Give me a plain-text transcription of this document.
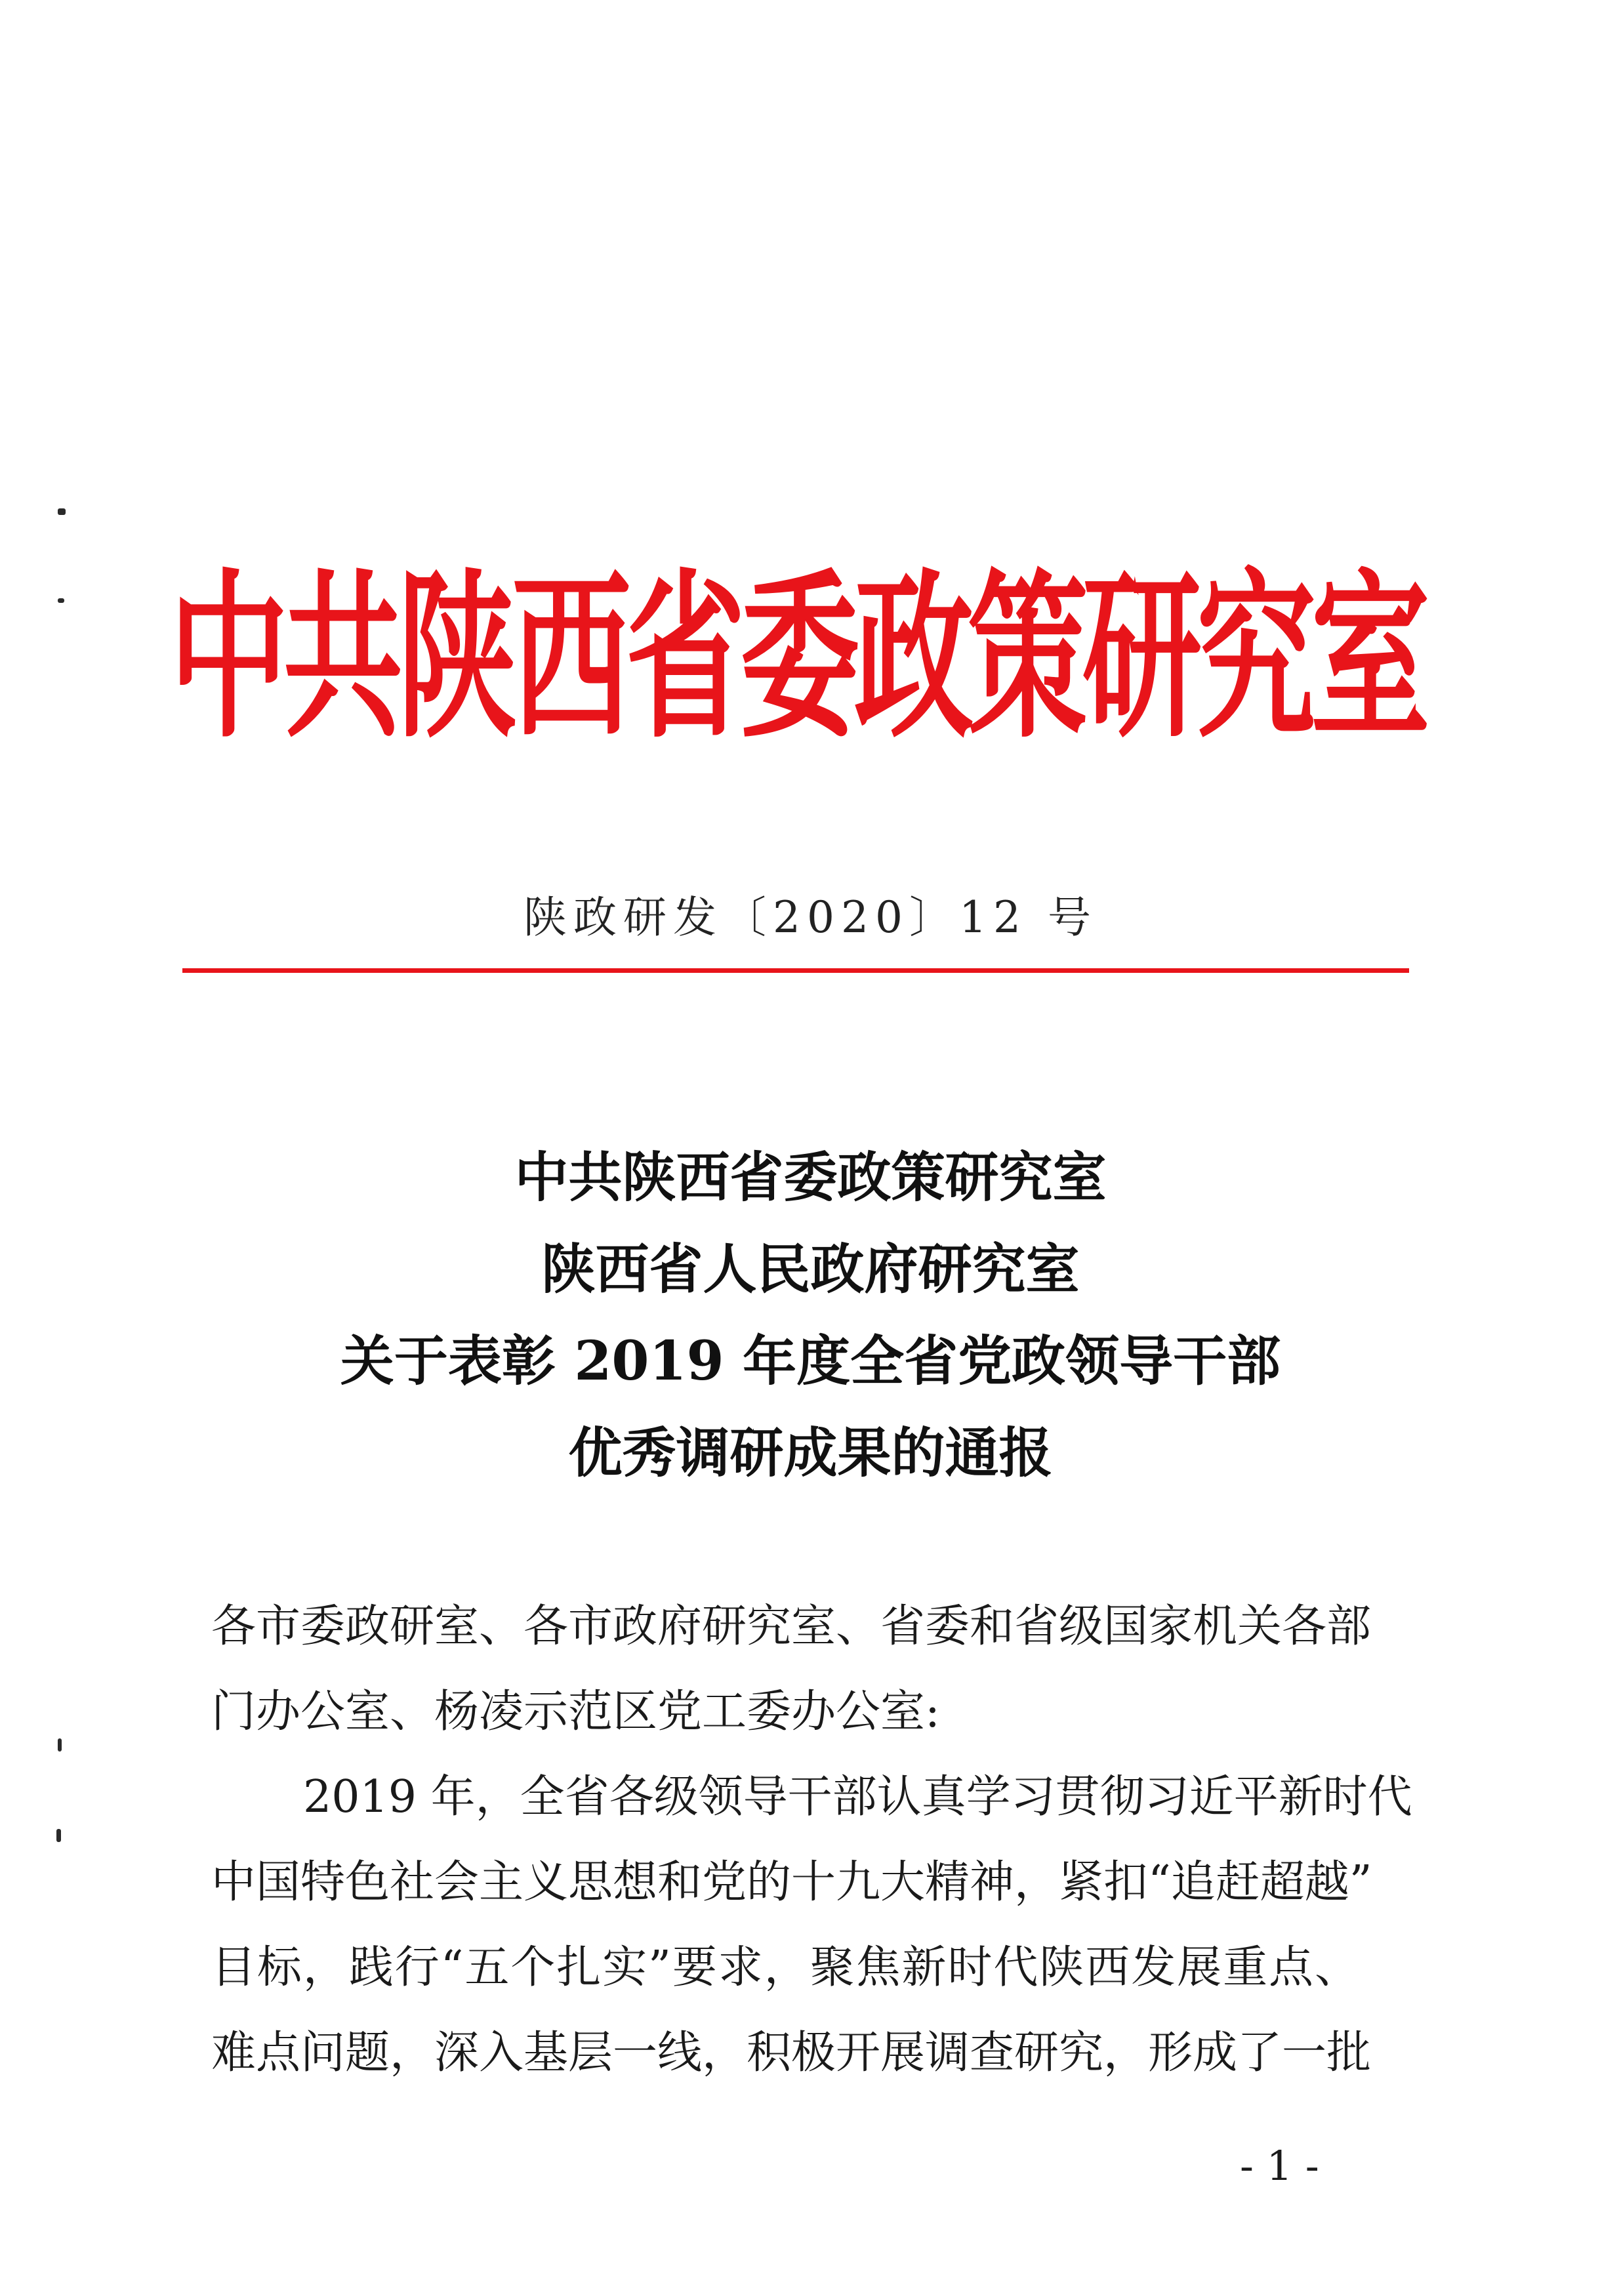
中共陕西省委政策研究室
陕政研发〔2020〕12 号
中共陕西省委政策研究室
陕西省人民政府研究室
关于表彰 2019 年度全省党政领导干部
优秀调研成果的通报
各市委政研室、各市政府研究室、省委和省级国家机关各部
门办公室、杨凌示范区党工委办公室:
2019 年，全省各级领导干部认真学习贯彻习近平新时代
中国特色社会主义思想和党的十九大精神，紧扣“追赶超越”
目标，践行“五个扎实”要求，聚焦新时代陕西发展重点、
难点问题，深入基层一线，积极开展调查研究，形成了一批
- 1 -
